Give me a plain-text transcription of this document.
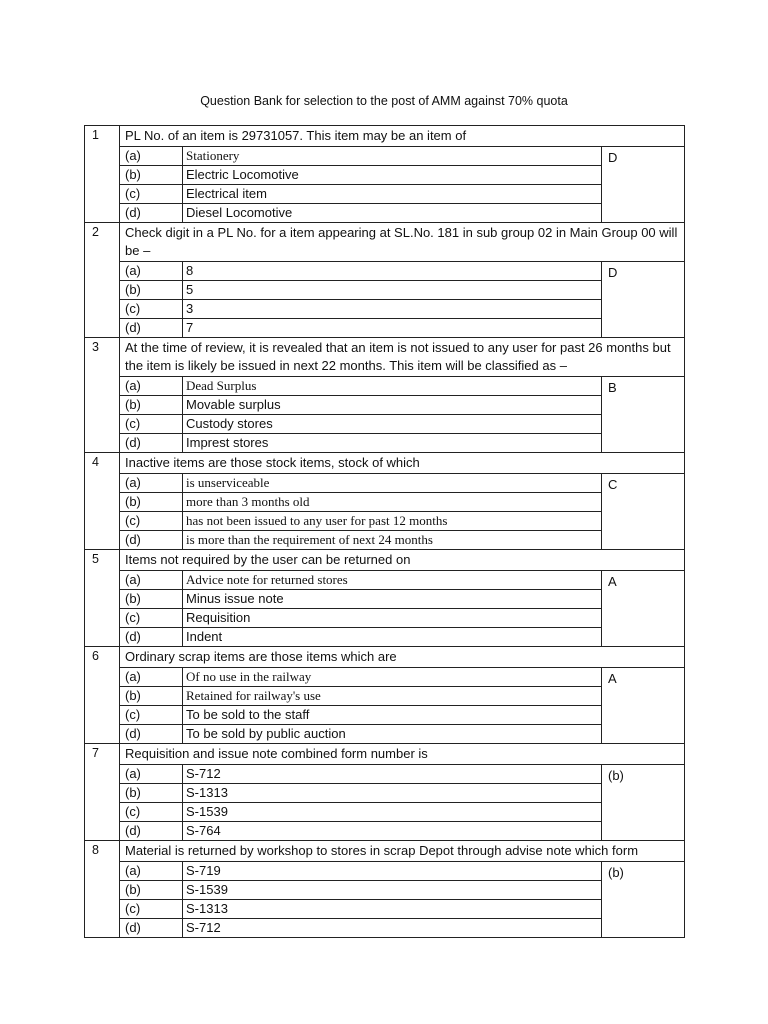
Question Bank for selection to the post of AMM against 70% quota
1	PL No. of an item is 29731057. This item may be an item of		
	(a)	Stationery	D
	(b)	Electric Locomotive	
	(c)	Electrical item	
	(d)	Diesel Locomotive	
2	Check digit in a PL No. for a item appearing at SL.No. 181 in sub group 02 in Main Group 00 will be –		
	(a)	8	D
	(b)	5	
	(c)	3	
	(d)	7	
3	At the time of review, it is revealed that an item is not issued to any user for past 26 months but the item is likely be issued in next 22 months. This item will be classified as –		
	(a)	Dead Surplus	B
	(b)	Movable surplus	
	(c)	Custody stores	
	(d)	Imprest stores	
4	Inactive items are those stock items, stock of which		
	(a)	is unserviceable	C
	(b)	more than 3 months old	
	(c)	has not been issued to any user for past 12 months	
	(d)	is more than the requirement of next 24 months	
5	Items not required by the user can be returned on		
	(a)	Advice note for returned stores	A
	(b)	Minus issue note	
	(c)	Requisition	
	(d)	Indent	
6	Ordinary scrap items are those items which are		
	(a)	Of no use in the railway	A
	(b)	Retained for railway's use	
	(c)	To be sold to the staff	
	(d)	To be sold by public auction	
7	Requisition and issue note combined form number is		
	(a)	S-712	(b)
	(b)	S-1313	
	(c)	S-1539	
	(d)	S-764	
8	Material is returned by workshop to stores in scrap Depot through advise note which form		
	(a)	S-719	(b)
	(b)	S-1539	
	(c)	S-1313	
	(d)	S-712	
